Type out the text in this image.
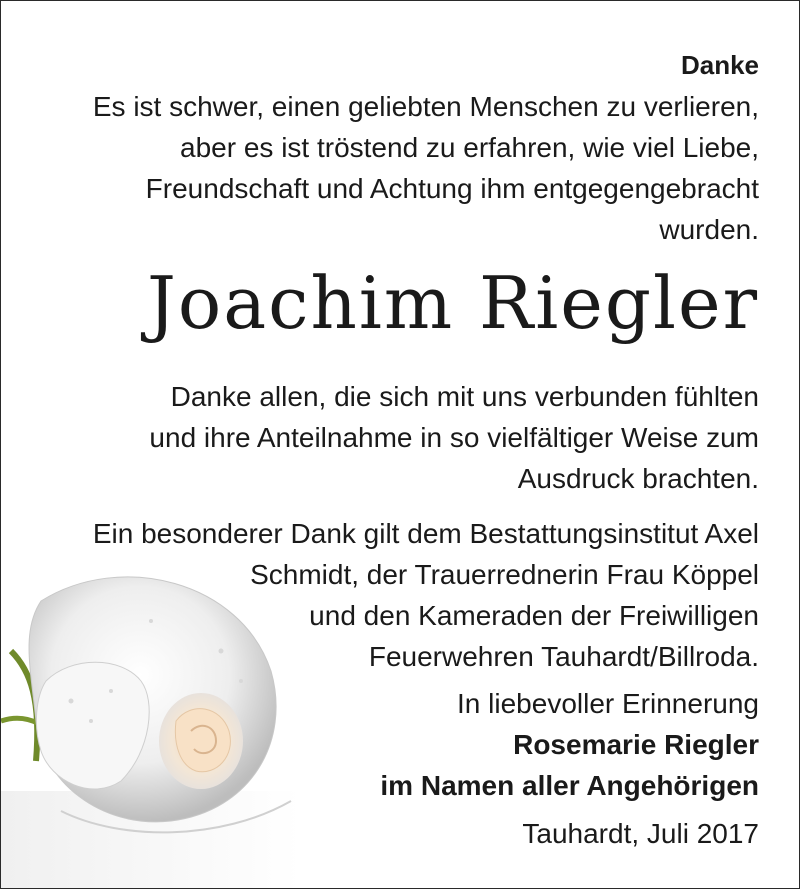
Danke
Es ist schwer, einen geliebten Menschen zu verlieren,
aber es ist tröstend zu erfahren, wie viel Liebe,
Freundschaft und Achtung ihm entgegengebracht
wurden.
Joachim Riegler
Danke allen, die sich mit uns verbunden fühlten
und ihre Anteilnahme in so vielfältiger Weise zum
Ausdruck brachten.
Ein besonderer Dank gilt dem Bestattungsinstitut Axel
Schmidt, der Trauerrednerin Frau Köppel
und den Kameraden der Freiwilligen
Feuerwehren Tauhardt/Billroda.
In liebevoller Erinnerung
Rosemarie Riegler
im Namen aller Angehörigen
Tauhardt, Juli 2017
